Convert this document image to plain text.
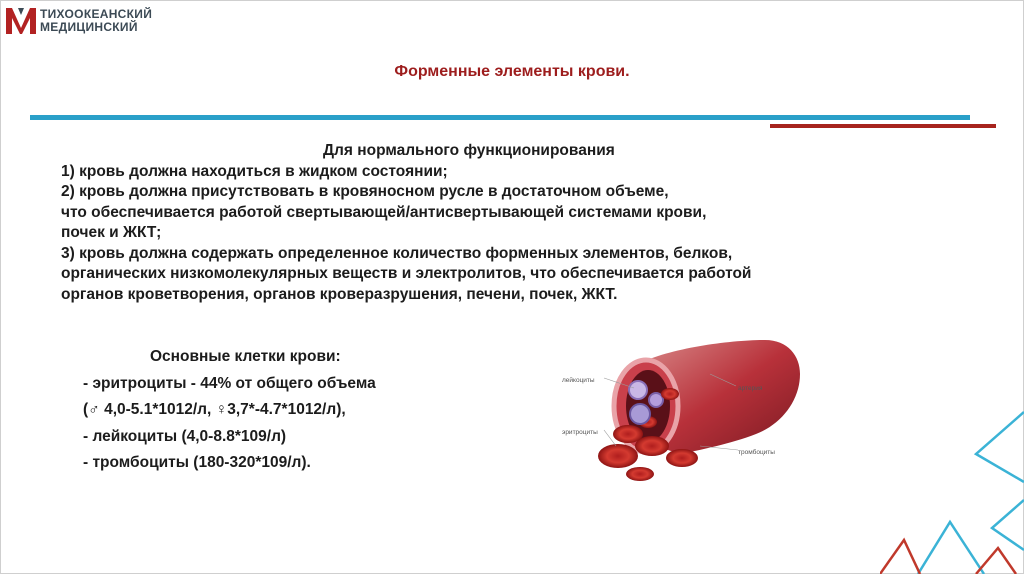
ТИХООКЕАНСКИЙ
МЕДИЦИНСКИЙ
Форменные элементы крови.
Для нормального функционирования
1) кровь должна находиться в жидком состоянии;
2) кровь должна присутствовать в кровяносном русле в достаточном объеме,
что обеспечивается работой свертывающей/антисвертывающей системами крови,
почек и ЖКТ;
3) кровь должна содержать определенное количество форменных элементов, белков,
органических низкомолекулярных веществ и электролитов, что обеспечивается работой
органов кроветворения, органов кроверазрушения, печени, почек, ЖКТ.
Основные клетки крови:
- эритроциты - 44% от общего объема
(♂ 4,0-5.1*1012/л, ♀3,7*-4.7*1012/л),
- лейкоциты (4,0-8.8*109/л)
- тромбоциты (180-320*109/л).
лейкоциты
артерия
эритроциты
тромбоциты
